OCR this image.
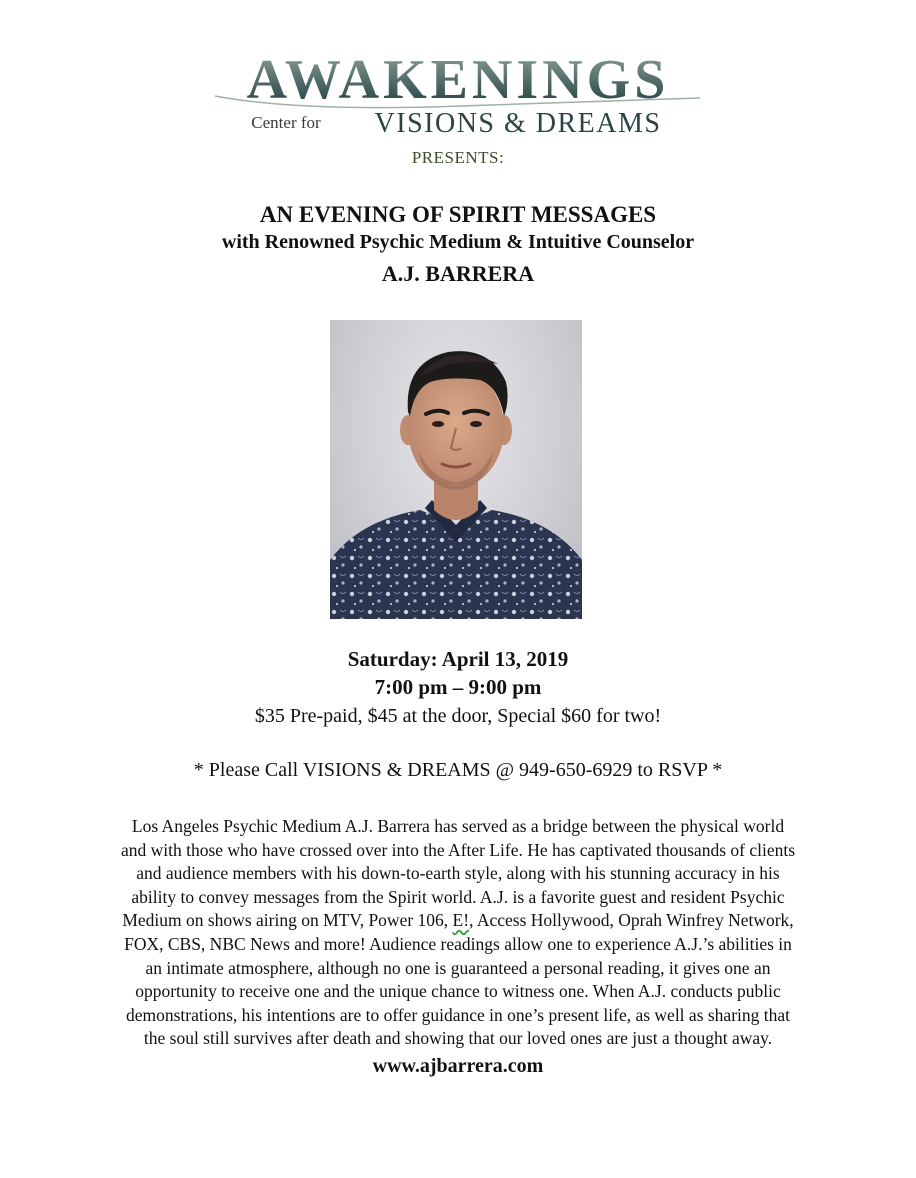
AWAKENINGS
Center for VISIONS & DREAMS
PRESENTS:
AN EVENING OF SPIRIT MESSAGES
with Renowned Psychic Medium & Intuitive Counselor
A.J. BARRERA
Saturday: April 13, 2019
7:00 pm – 9:00 pm
$35 Pre-paid, $45 at the door, Special $60 for two!
* Please Call VISIONS & DREAMS @ 949-650-6929 to RSVP *
Los Angeles Psychic Medium A.J. Barrera has served as a bridge between the physical world
and with those who have crossed over into the After Life. He has captivated thousands of clients
and audience members with his down-to-earth style, along with his stunning accuracy in his
ability to convey messages from the Spirit world. A.J. is a favorite guest and resident Psychic
Medium on shows airing on MTV, Power 106, E!, Access Hollywood, Oprah Winfrey Network,
FOX, CBS, NBC News and more! Audience readings allow one to experience A.J.’s abilities in
an intimate atmosphere, although no one is guaranteed a personal reading, it gives one an
opportunity to receive one and the unique chance to witness one. When A.J. conducts public
demonstrations, his intentions are to offer guidance in one’s present life, as well as sharing that
the soul still survives after death and showing that our loved ones are just a thought away.
www.ajbarrera.com
